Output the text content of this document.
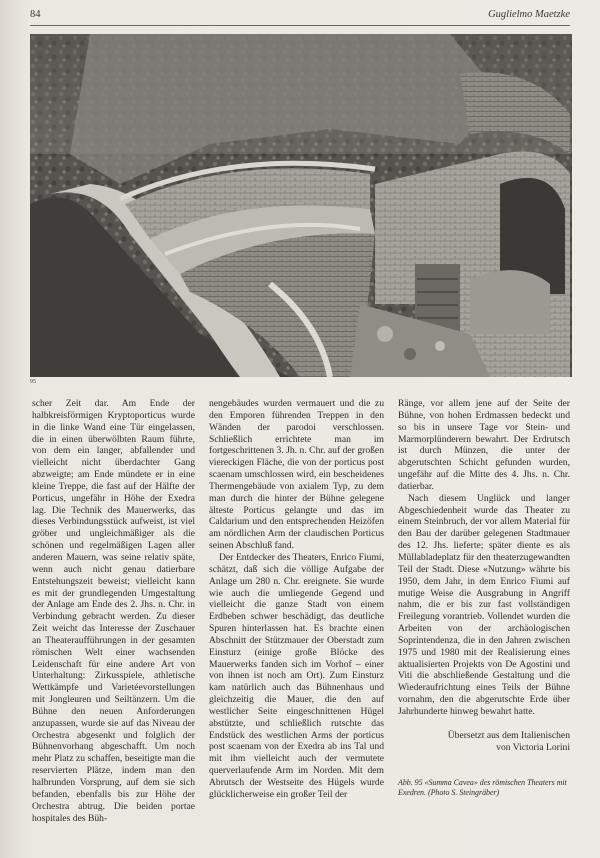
84	Guglielmo Maetzke
95

scher Zeit dar. Am Ende der halbkreisförmigen Kryptoporticus wurde in die linke Wand eine Tür eingelassen, die in einen überwölbten Raum führte, von dem ein langer, abfallender und vielleicht nicht überdachter Gang abzweigte; am Ende mündete er in eine kleine Treppe, die fast auf der Hälfte der Porticus, ungefähr in Höhe der Exedra lag. Die Technik des Mauerwerks, das dieses Verbindungsstück aufweist, ist viel gröber und ungleichmäßiger als die schönen und regelmäßigen Lagen aller anderen Mauern, was seine relativ späte, wenn auch nicht genau datierbare Entstehungszeit beweist; vielleicht kann es mit der grundlegenden Umgestaltung der Anlage am Ende des 2. Jhs. n. Chr. in Verbindung gebracht werden. Zu dieser Zeit weicht das Interesse der Zuschauer an Theateraufführungen in der gesamten römischen Welt einer wachsenden Leidenschaft für eine andere Art von Unterhaltung: Zirkusspiele, athletische Wettkämpfe und Varietéevorstellungen mit Jongleuren und Seiltänzern. Um die Bühne den neuen Anforderungen anzupassen, wurde sie auf das Niveau der Orchestra abgesenkt und folglich der Bühnenvorhang abgeschafft. Um noch mehr Platz zu schaffen, beseitigte man die reservierten Plätze, indem man den halbrunden Vorsprung, auf dem sie sich befanden, ebenfalls bis zur Höhe der Orchestra abtrug. Die beiden portae hospitales des Büh-

nengebäudes wurden vermauert und die zu den Emporen führenden Treppen in den Wänden der parodoi verschlossen. Schließlich errichtete man im fortgeschrittenen 3. Jh. n. Chr. auf der großen viereckigen Fläche, die von der porticus post scaenam umschlossen wird, ein bescheidenes Thermengebäude von axialem Typ, zu dem man durch die hinter der Bühne gelegene älteste Porticus gelangte und das im Caldarium und den entsprechenden Heizöfen am nördlichen Arm der claudischen Porticus seinen Abschluß fand.

Der Entdecker des Theaters, Enrico Fiumi, schätzt, daß sich die völlige Aufgabe der Anlage um 280 n. Chr. ereignete. Sie wurde wie auch die umliegende Gegend und vielleicht die ganze Stadt von einem Erdbeben schwer beschädigt, das deutliche Spuren hinterlassen hat. Es brachte einen Abschnitt der Stützmauer der Oberstadt zum Einsturz (einige große Blöcke des Mauerwerks fanden sich im Vorhof – einer von ihnen ist noch am Ort). Zum Einsturz kam natürlich auch das Bühnenhaus und gleichzeitig die Mauer, die den auf westlicher Seite eingeschnittenen Hügel abstützte, und schließlich rutschte das Endstück des westlichen Arms der porticus post scaenam von der Exedra ab ins Tal und mit ihm vielleicht auch der vermutete querverlaufende Arm im Norden. Mit dem Abrutsch der Westseite des Hügels wurde glücklicherweise ein großer Teil der

Ränge, vor allem jene auf der Seite der Bühne, von hohen Erdmassen bedeckt und so bis in unsere Tage vor Stein- und Marmorplünderern bewahrt. Der Erdrutsch ist durch Münzen, die unter der abgerutschten Schicht gefunden wurden, ungefähr auf die Mitte des 4. Jhs. n. Chr. datierbar.

Nach diesem Unglück und langer Abgeschiedenheit wurde das Theater zu einem Steinbruch, der vor allem Material für den Bau der darüber gelegenen Stadtmauer des 12. Jhs. lieferte; später diente es als Müllabladeplatz für den theaterzugewandten Teil der Stadt. Diese «Nutzung» währte bis 1950, dem Jahr, in dem Enrico Fiumi auf mutige Weise die Ausgrabung in Angriff nahm, die er bis zur fast vollständigen Freilegung vorantrieb. Vollendet wurden die Arbeiten von der archäologischen Soprintendenza, die in den Jahren zwischen 1975 und 1980 mit der Realisierung eines aktualisierten Projekts von De Agostini und Viti die abschließende Gestaltung und die Wiederaufrichtung eines Teils der Bühne vornahm, den die abgerutschte Erde über Jahrhunderte hinweg bewahrt hatte.

Übersetzt aus dem Italienischen
von Victoria Lorini
Abb. 95 «Summa Cavea» des römischen Theaters mit Exedren. (Photo S. Steingräber)
